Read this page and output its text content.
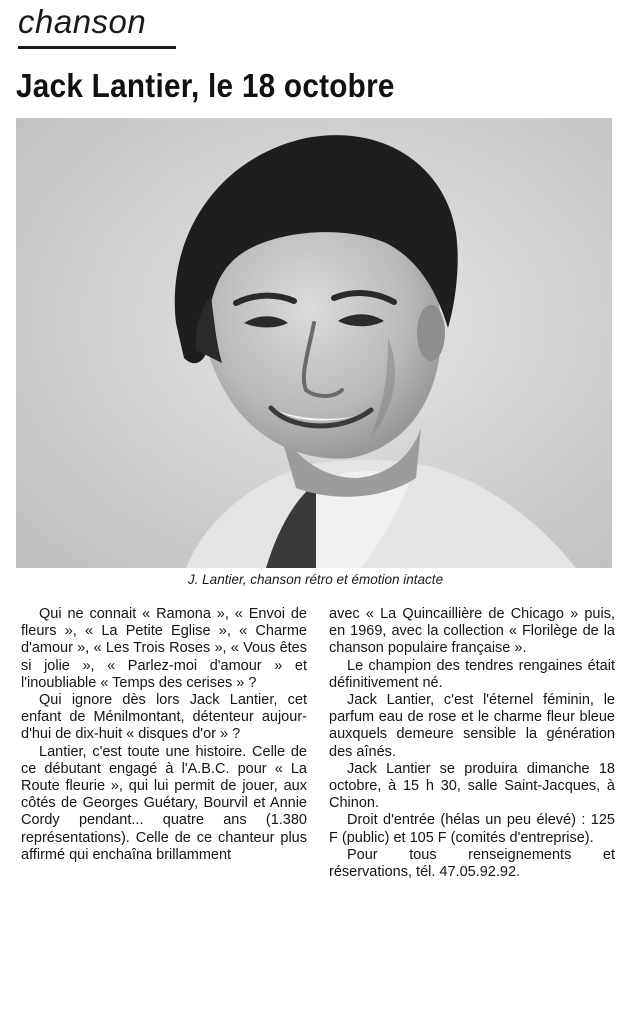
chanson
Jack Lantier, le 18 octobre
J. Lantier, chanson rétro et émotion intacte

Qui ne connait « Ramona », « Envoi de fleurs », « La Petite Eglise », « Charme d'amour », « Les Trois Roses », « Vous êtes si jolie », « Parlez-moi d'amour » et l'inoubliable « Temps des cerises » ?

Qui ignore dès lors Jack Lantier, cet enfant de Ménilmontant, détenteur aujourd'hui de dix-huit « disques d'or » ?

Lantier, c'est toute une histoire. Celle de ce débutant engagé à l'A.B.C. pour « La Route fleurie », qui lui permit de jouer, aux côtés de Georges Guétary, Bourvil et Annie Cordy pendant... quatre ans (1.380 représentations). Celle de ce chanteur plus affirmé qui enchaîna brillamment

avec « La Quincaillière de Chicago » puis, en 1969, avec la collection « Florilège de la chanson populaire française ».

Le champion des tendres rengaines était définitivement né.

Jack Lantier, c'est l'éternel féminin, le parfum eau de rose et le charme fleur bleue auxquels demeure sensible la génération des aînés.

Jack Lantier se produira dimanche 18 octobre, à 15 h 30, salle Saint-Jacques, à Chinon.

Droit d'entrée (hélas un peu élevé) : 125 F (public) et 105 F (comités d'entreprise).

Pour tous renseignements et réservations, tél. 47.05.92.92.
